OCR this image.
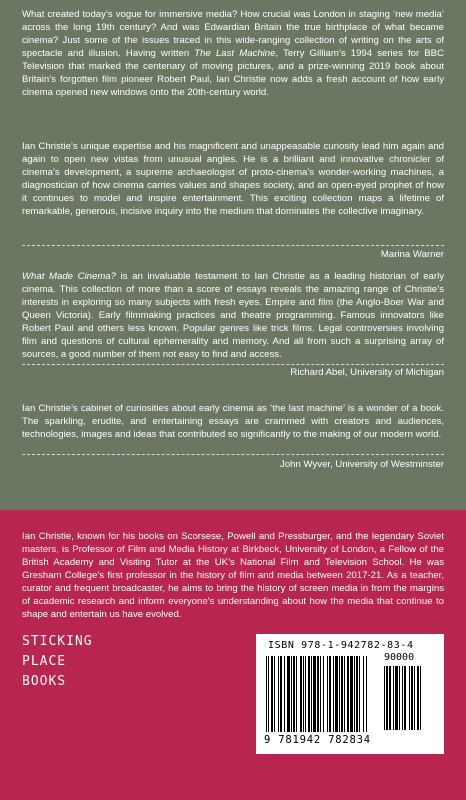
What created today’s vogue for immersive media? How crucial was London in staging ‘new media’ across the long 19th century? And was Edwardian Britain the true birthplace of what became cinema? Just some of the issues traced in this wide-ranging collection of writing on the arts of spectacle and illusion. Having written The Last Machine, Terry Gilliam’s 1994 series for BBC Television that marked the centenary of moving pictures, and a prize-winning 2019 book about Britain’s forgotten film pioneer Robert Paul, Ian Christie now adds a fresh account of how early cinema opened new windows onto the 20th-century world.

Ian Christie’s unique expertise and his magnificent and unappeasable curiosity lead him again and again to open new vistas from unusual angles. He is a brilliant and innovative chronicler of cinema’s development, a supreme archaeologist of proto-cinema’s wonder-working machines, a diagnostician of how cinema carries values and shapes society, and an open-eyed prophet of how it continues to model and inspire entertainment. This exciting collection maps a lifetime of remarkable, generous, incisive inquiry into the medium that dominates the collective imaginary.

Marina Warner

What Made Cinema? is an invaluable testament to Ian Christie as a leading historian of early cinema. This collection of more than a score of essays reveals the amazing range of Christie’s interests in exploring so many subjects with fresh eyes. Empire and film (the Anglo-Boer War and Queen Victoria). Early filmmaking practices and theatre programming. Famous innovators like Robert Paul and others less known. Popular genres like trick films. Legal controversies involving film and questions of cultural ephemerality and memory. And all from such a surprising array of sources, a good number of them not easy to find and access.

Richard Abel, University of Michigan

Ian Christie’s cabinet of curiosities about early cinema as ‘the last machine’ is a wonder of a book. The sparkling, erudite, and entertaining essays are crammed with creators and audiences, technologies, images and ideas that contributed so significantly to the making of our modern world.

John Wyver, University of Westminster

Ian Christie, known for his books on Scorsese, Powell and Pressburger, and the legendary Soviet masters, is Professor of Film and Media History at Birkbeck, University of London, a Fellow of the British Academy and Visiting Tutor at the UK’s National Film and Television School. He was Gresham College’s first professor in the history of film and media between 2017-21. As a teacher, curator and frequent broadcaster, he aims to bring the history of screen media in from the margins of academic research and inform everyone’s understanding about how the media that continue to shape and entertain us have evolved.

STICKING
PLACE
BOOKS
ISBN 978-1-942782-83-4
90000
9 781942 782834
